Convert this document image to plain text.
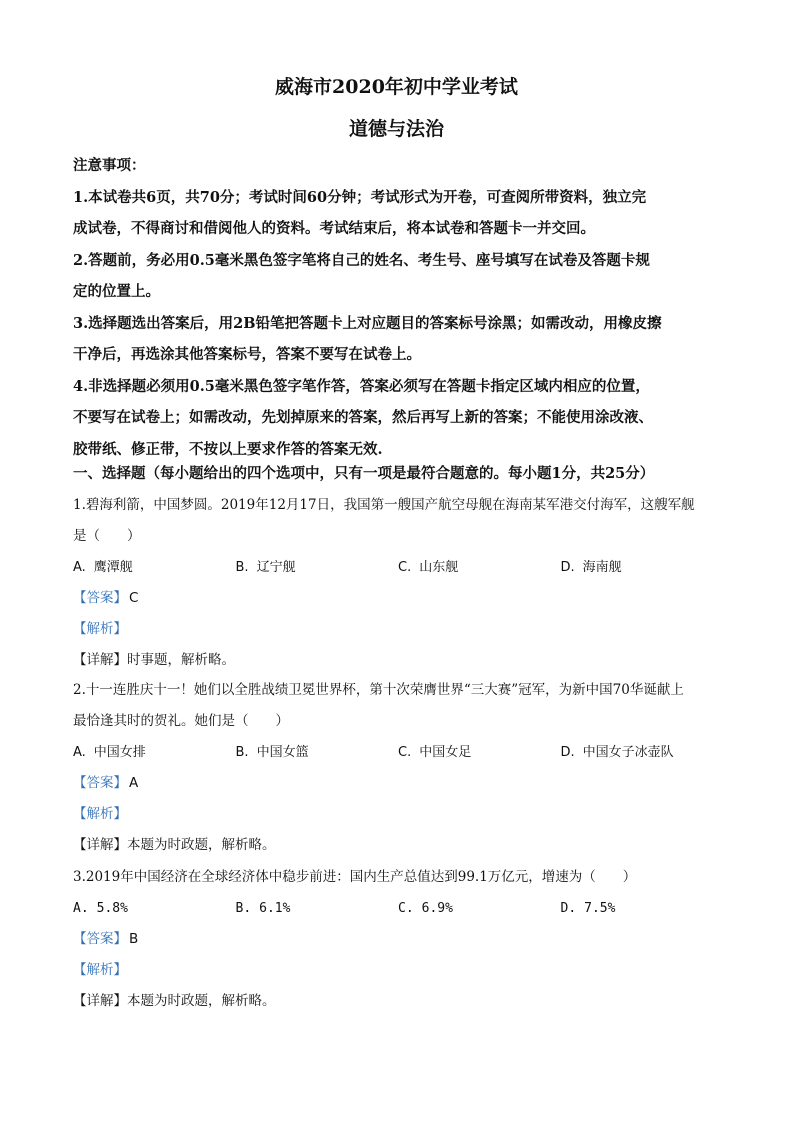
威海市2020年初中学业考试
道德与法治

注意事项：

1.本试卷共6页，共70分；考试时间60分钟；考试形式为开卷，可查阅所带资料，独立完

成试卷，不得商讨和借阅他人的资料。考试结束后，将本试卷和答题卡一并交回。

2.答题前，务必用0.5毫米黑色签字笔将自己的姓名、考生号、座号填写在试卷及答题卡规

定的位置上。

3.选择题选出答案后，用2B铅笔把答题卡上对应题目的答案标号涂黑；如需改动，用橡皮擦

干净后，再选涂其他答案标号，答案不要写在试卷上。

4.非选择题必须用0.5毫米黑色签字笔作答，答案必须写在答题卡指定区域内相应的位置，

不要写在试卷上；如需改动，先划掉原来的答案，然后再写上新的答案；不能使用涂改液、

胶带纸、修正带，不按以上要求作答的答案无效.

一、选择题（每小题给出的四个选项中，只有一项是最符合题意的。每小题1分，共25分）

1.碧海利箭，中国梦圆。2019年12月17日，我国第一艘国产航空母舰在海南某军港交付海军，这艘军舰

是（　　）

A. 鹰潭舰	B. 辽宁舰	C. 山东舰	D. 海南舰

【答案】 C

【解析】

【详解】时事题，解析略。

2.十一连胜庆十一！她们以全胜战绩卫冕世界杯，第十次荣膺世界“三大赛”冠军，为新中国70华诞献上

最恰逢其时的贺礼。她们是（　　）

A. 中国女排	B. 中国女篮	C. 中国女足	D. 中国女子冰壶队

【答案】 A

【解析】

【详解】本题为时政题，解析略。

3.2019年中国经济在全球经济体中稳步前进：国内生产总值达到99.1万亿元，增速为（　　）

A. 5.8%	B. 6.1%	C. 6.9%	D. 7.5%

【答案】 B

【解析】

【详解】本题为时政题，解析略。
